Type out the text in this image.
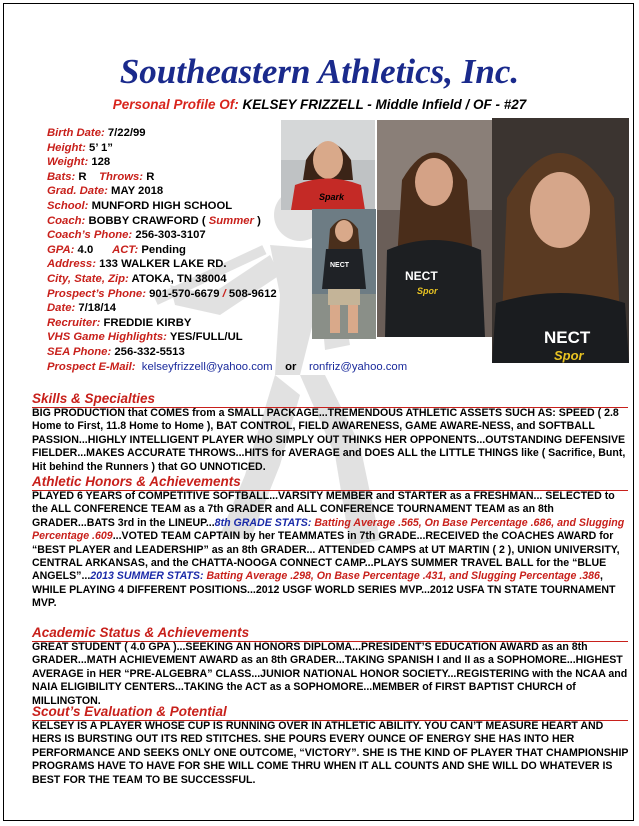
Southeastern Athletics, Inc.
Personal Profile Of: KELSEY FRIZZELL - Middle Infield / OF - #27
Birth Date: 7/22/99
Height: 5’ 1”
Weight: 128
Bats: R Throws: R
Grad. Date: MAY 2018
School: MUNFORD HIGH SCHOOL
Coach: BOBBY CRAWFORD ( Summer )
Coach’s Phone: 256-303-3107
GPA: 4.0 ACT: Pending
Address: 133 WALKER LAKE RD.
City, State, Zip: ATOKA, TN 38004
Prospect’s Phone: 901-570-6679 / 508-9612
Date: 7/18/14
Recruiter: FREDDIE KIRBY
VHS Game Highlights: YES/FULL/UL
SEA Phone: 256-332-5513
Prospect E-Mail: kelseyfrizzell@yahoo.com or ronfriz@yahoo.com
Spark
NECT
NECT
Spor
NECT
Spor
Skills & Specialties

BIG PRODUCTION that COMES from a SMALL PACKAGE...TREMENDOUS ATHLETIC ASSETS SUCH AS: SPEED ( 2.8 Home to First, 11.8 Home to Home ), BAT CONTROL, FIELD AWARENESS, GAME AWARE-NESS, and SOFTBALL PASSION...HIGHLY INTELLIGENT PLAYER WHO SIMPLY OUT THINKS HER OPPONENTS...OUTSTANDING DEFENSIVE FIELDER...MAKES ACCURATE THROWS...HITS for AVERAGE and DOES ALL the LITTLE THINGS like ( Sacrifice, Bunt, Hit behind the Runners ) that GO UNNOTICED.

Athletic Honors & Achievements

PLAYED 6 YEARS of COMPETITIVE SOFTBALL...VARSITY MEMBER and STARTER as a FRESHMAN... SELECTED to the ALL CONFERENCE TEAM as a 7th GRADER and ALL CONFERENCE TOURNAMENT TEAM as an 8th GRADER...BATS 3rd in the LINEUP...8th GRADE STATS: Batting Average .565, On Base Percentage .686, and Slugging Percentage .609...VOTED TEAM CAPTAIN by her TEAMMATES in 7th GRADE...RECEIVED the COACHES AWARD for “BEST PLAYER and LEADERSHIP” as an 8th GRADER... ATTENDED CAMPS at UT MARTIN ( 2 ), UNION UNIVERSITY, CENTRAL ARKANSAS, and the CHATTA-NOOGA CONNECT CAMP...PLAYS SUMMER TRAVEL BALL for the “BLUE ANGELS”...2013 SUMMER STATS: Batting Average .298, On Base Percentage .431, and Slugging Percentage .386, WHILE PLAYING 4 DIFFERENT POSITIONS...2012 USGF WORLD SERIES MVP...2012 USFA TN STATE TOURNAMENT MVP.

Academic Status & Achievements

GREAT STUDENT ( 4.0 GPA )...SEEKING AN HONORS DIPLOMA...PRESIDENT’S EDUCATION AWARD as an 8th GRADER...MATH ACHIEVEMENT AWARD as an 8th GRADER...TAKING SPANISH I and II as a SOPHOMORE...HIGHEST AVERAGE in HER “PRE-ALGEBRA” CLASS...JUNIOR NATIONAL HONOR SOCIETY...REGISTERING with the NCAA and NAIA ELIGIBILITY CENTERS...TAKING the ACT as a SOPHOMORE...MEMBER of FIRST BAPTIST CHURCH of MILLINGTON.

Scout’s Evaluation & Potential

KELSEY IS A PLAYER WHOSE CUP IS RUNNING OVER IN ATHLETIC ABILITY. YOU CAN’T MEASURE HEART AND HERS IS BURSTING OUT ITS RED STITCHES. SHE POURS EVERY OUNCE OF ENERGY SHE HAS INTO HER PERFORMANCE AND SEEKS ONLY ONE OUTCOME, “VICTORY”. SHE IS THE KIND OF PLAYER THAT CHAMPIONSHIP PROGRAMS HAVE TO HAVE FOR SHE WILL COME THRU WHEN IT ALL COUNTS AND SHE WILL DO WHATEVER IS BEST FOR THE TEAM TO BE SUCCESSFUL.
